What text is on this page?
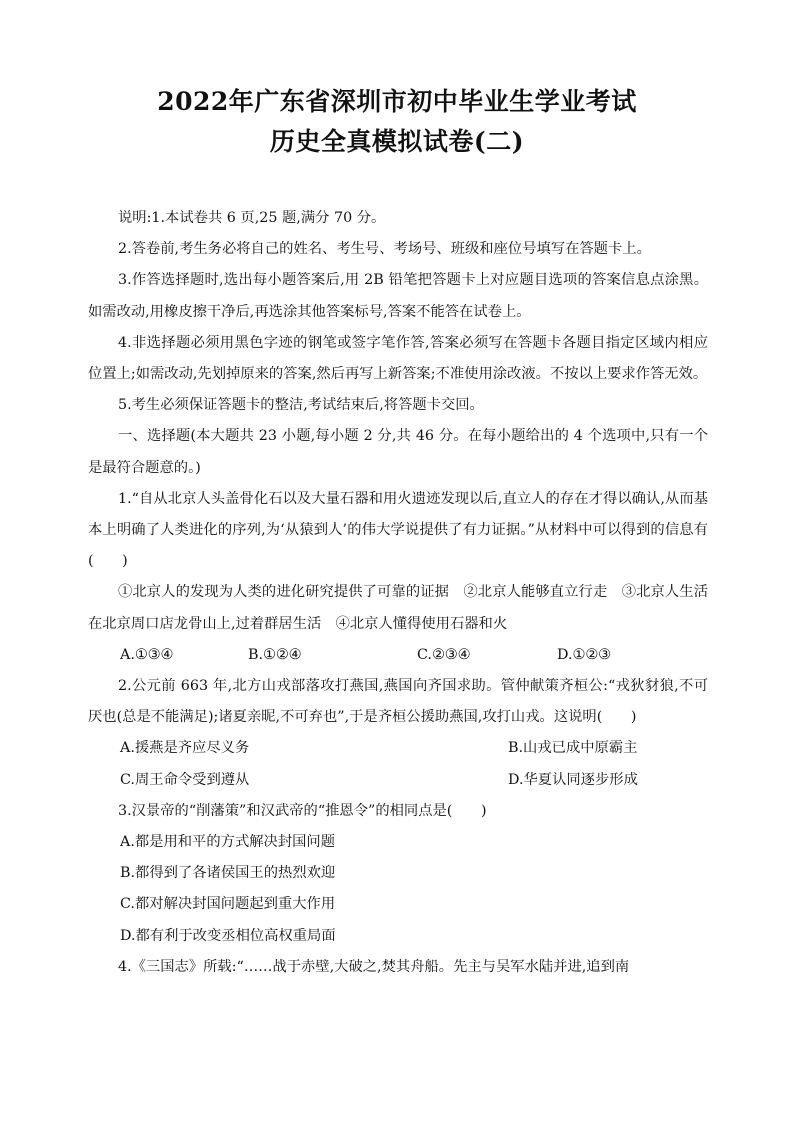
2022年广东省深圳市初中毕业生学业考试
历史全真模拟试卷(二)

说明:1.本试卷共 6 页,25 题,满分 70 分。

2.答卷前,考生务必将自己的姓名、考生号、考场号、班级和座位号填写在答题卡上。

3.作答选择题时,选出每小题答案后,用 2B 铅笔把答题卡上对应题目选项的答案信息点涂黑。如需改动,用橡皮擦干净后,再选涂其他答案标号,答案不能答在试卷上。

4.非选择题必须用黑色字迹的钢笔或签字笔作答,答案必须写在答题卡各题目指定区域内相应位置上;如需改动,先划掉原来的答案,然后再写上新答案;不准使用涂改液。不按以上要求作答无效。

5.考生必须保证答题卡的整洁,考试结束后,将答题卡交回。

一、选择题(本大题共 23 小题,每小题 2 分,共 46 分。在每小题给出的 4 个选项中,只有一个是最符合题意的。)

1.“自从北京人头盖骨化石以及大量石器和用火遗迹发现以后,直立人的存在才得以确认,从而基本上明确了人类进化的序列,为‘从猿到人’的伟大学说提供了有力证据。”从材料中可以得到的信息有(　　)

①北京人的发现为人类的进化研究提供了可靠的证据　②北京人能够直立行走　③北京人生活在北京周口店龙骨山上,过着群居生活　④北京人懂得使用石器和火

A.①③④	B.①②④	C.②③④	D.①②③

2.公元前 663 年,北方山戎部落攻打燕国,燕国向齐国求助。管仲献策齐桓公:“戎狄豺狼,不可厌也(总是不能满足);诸夏亲昵,不可弃也”,于是齐桓公援助燕国,攻打山戎。这说明(　　)

A.援燕是齐应尽义务	B.山戎已成中原霸主
C.周王命令受到遵从	D.华夏认同逐步形成

3.汉景帝的“削藩策”和汉武帝的“推恩令”的相同点是(　　)

A.都是用和平的方式解决封国问题
B.都得到了各诸侯国王的热烈欢迎
C.都对解决封国问题起到重大作用
D.都有利于改变丞相位高权重局面

4.《三国志》所载:“……战于赤壁,大破之,焚其舟船。先主与吴军水陆并进,追到南
